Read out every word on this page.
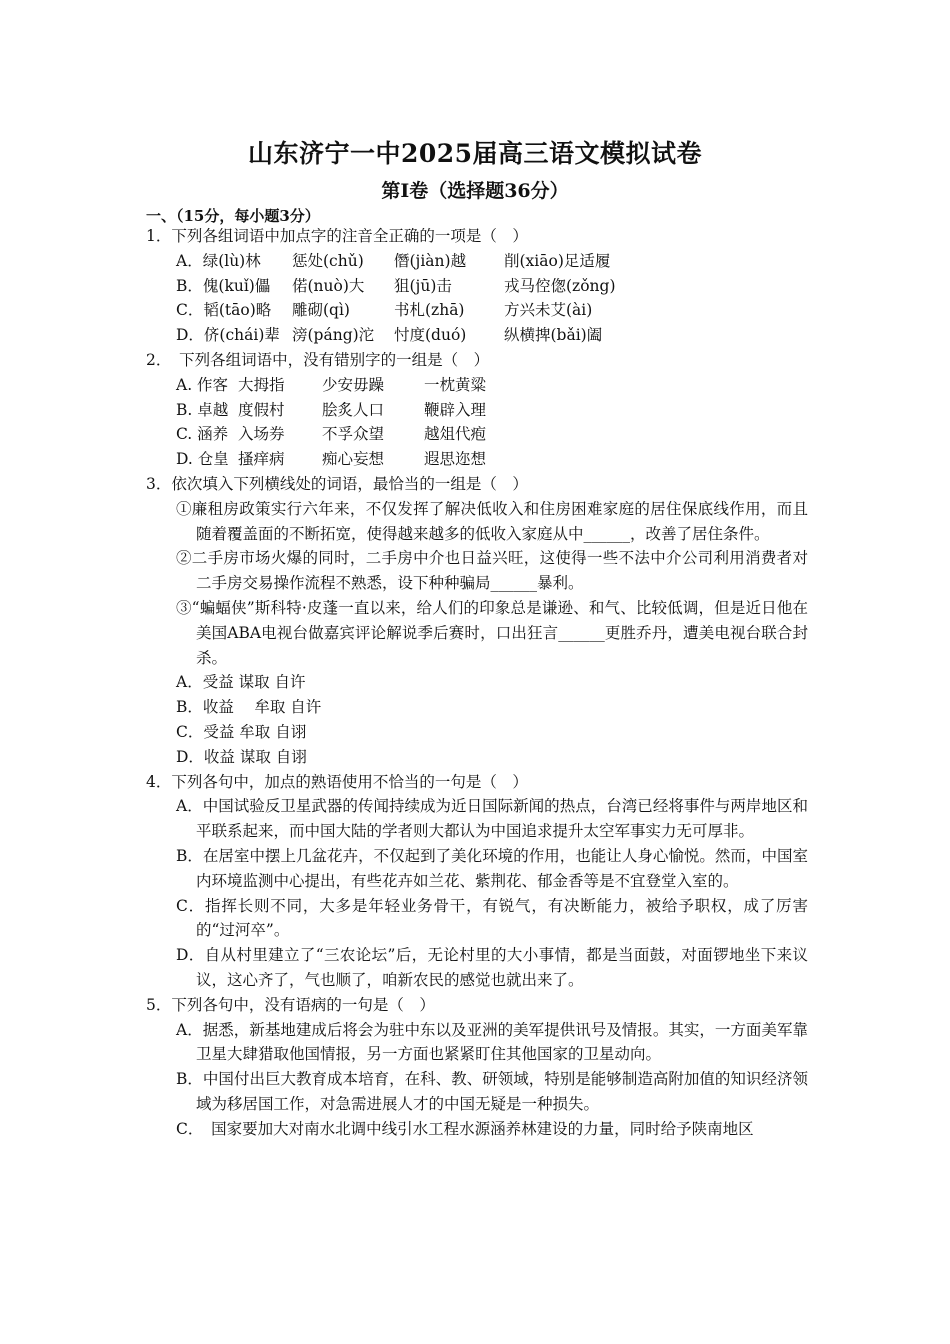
山东济宁一中2025届高三语文模拟试卷
第Ⅰ卷（选择题36分）
一、（15分，每小题3分）
1．下列各组词语中加点字的注音全正确的一项是（　）
A．绿(lù)林 惩处(chǔ) 僭(jiàn)越 削(xiāo)足适履
B．傀(kuǐ)儡 偌(nuò)大 狙(jū)击	戎马倥偬(zǒng)
C．韬(tāo)略 雕砌(qì)	书札(zhā)	方兴未艾(ài)
D．侪(chái)辈 滂(páng)沱 忖度(duó) 纵横捭(bǎi)阖
2．　下列各组词语中，没有错别字的一组是（　）
A. 作客 大拇指 少安毋躁	一枕黄粱
B. 卓越 度假村 脍炙人口	鞭辟入理
C. 涵养 入场券 不孚众望	越俎代疱
D. 仓皇 搔痒病 痴心妄想	遐思迩想
3．依次填入下列横线处的词语，最恰当的一组是（　）
①廉租房政策实行六年来，不仅发挥了解决低收入和住房困难家庭的居住保底线作用，而且随着覆盖面的不断拓宽，使得越来越多的低收入家庭从中______，改善了居住条件。
②二手房市场火爆的同时，二手房中介也日益兴旺，这使得一些不法中介公司利用消费者对二手房交易操作流程不熟悉，设下种种骗局______暴利。
③“蝙蝠侠”斯科特·皮蓬一直以来，给人们的印象总是谦逊、和气、比较低调，但是近日他在美国ABA电视台做嘉宾评论解说季后赛时，口出狂言______更胜乔丹，遭美电视台联合封杀。
A．受益 谋取 自许
B．收益　 牟取 自许
C．受益 牟取 自诩
D．收益 谋取 自诩
4．下列各句中，加点的熟语使用不恰当的一句是（　）
A．中国试验反卫星武器的传闻持续成为近日国际新闻的热点，台湾已经将事件与两岸地区和平联系起来，而中国大陆的学者则大都认为中国追求提升太空军事实力无可厚非。
B．在居室中摆上几盆花卉，不仅起到了美化环境的作用，也能让人身心愉悦。然而，中国室内环境监测中心提出，有些花卉如兰花、紫荆花、郁金香等是不宜登堂入室的。
C．指挥长则不同，大多是年轻业务骨干，有锐气，有决断能力，被给予职权，成了厉害的“过河卒”。
D．自从村里建立了“三农论坛”后，无论村里的大小事情，都是当面鼓，对面锣地坐下来议议，这心齐了，气也顺了，咱新农民的感觉也就出来了。
5．下列各句中，没有语病的一句是（　）
A．据悉，新基地建成后将会为驻中东以及亚洲的美军提供讯号及情报。其实，一方面美军靠卫星大肆猎取他国情报，另一方面也紧紧盯住其他国家的卫星动向。
B．中国付出巨大教育成本培育，在科、教、研领域，特别是能够制造高附加值的知识经济领域为移居国工作，对急需进展人才的中国无疑是一种损失。
C．　国家要加大对南水北调中线引水工程水源涵养林建设的力量，同时给予陕南地区
